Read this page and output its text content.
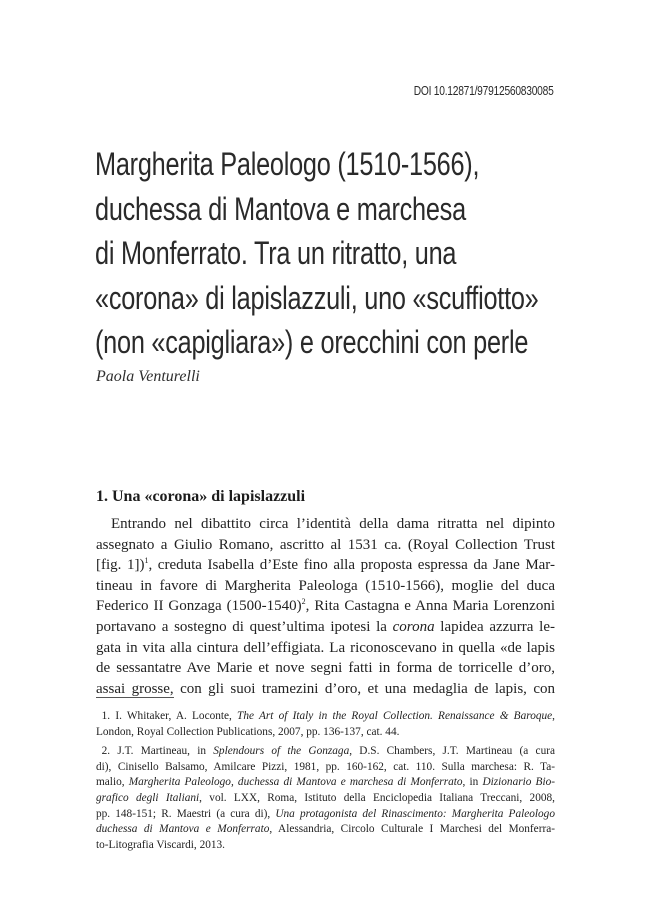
DOI 10.12871/97912560830085
Margherita Paleologo (1510-1566),
duchessa di Mantova e marchesa
di Monferrato. Tra un ritratto, una
«corona» di lapislazzuli, uno «scuffiotto»
(non «capigliara») e orecchini con perle
Paola Venturelli
1. Una «corona» di lapislazzuli
 Entrando nel dibattito circa l’identità della dama ritratta nel dipinto
assegnato a Giulio Romano, ascritto al 1531 ca. (Royal Collection Trust
[fig. 1])$^1$, creduta Isabella d’Este fino alla proposta espressa da Jane Mar-
tineau in favore di Margherita Paleologa (1510-1566), moglie del duca
Federico II Gonzaga (1500-1540)$^2$, Rita Castagna e Anna Maria Lorenzoni
portavano a sostegno di quest’ultima ipotesi la corona lapidea azzurra le-
gata in vita alla cintura dell’effigiata. La riconoscevano in quella «de lapis
de sessantatre Ave Marie et nove segni fatti in forma de torricelle d’oro,
assai grosse, con gli suoi tramezini d’oro, et una medaglia de lapis, con
 1. I. Whitaker, A. Loconte, The Art of Italy in the Royal Collection. Renaissance & Baroque,
London, Royal Collection Publications, 2007, pp. 136-137, cat. 44.
 2. J.T. Martineau, in Splendours of the Gonzaga, D.S. Chambers, J.T. Martineau (a cura
di), Cinisello Balsamo, Amilcare Pizzi, 1981, pp. 160-162, cat. 110. Sulla marchesa: R. Ta-
malio, Margherita Paleologo, duchessa di Mantova e marchesa di Monferrato, in Dizionario Bio-
grafico degli Italiani, vol. LXX, Roma, Istituto della Enciclopedia Italiana Treccani, 2008,
pp. 148-151; R. Maestri (a cura di), Una protagonista del Rinascimento: Margherita Paleologo
duchessa di Mantova e Monferrato, Alessandria, Circolo Culturale I Marchesi del Monferra-
to-Litografia Viscardi, 2013.
